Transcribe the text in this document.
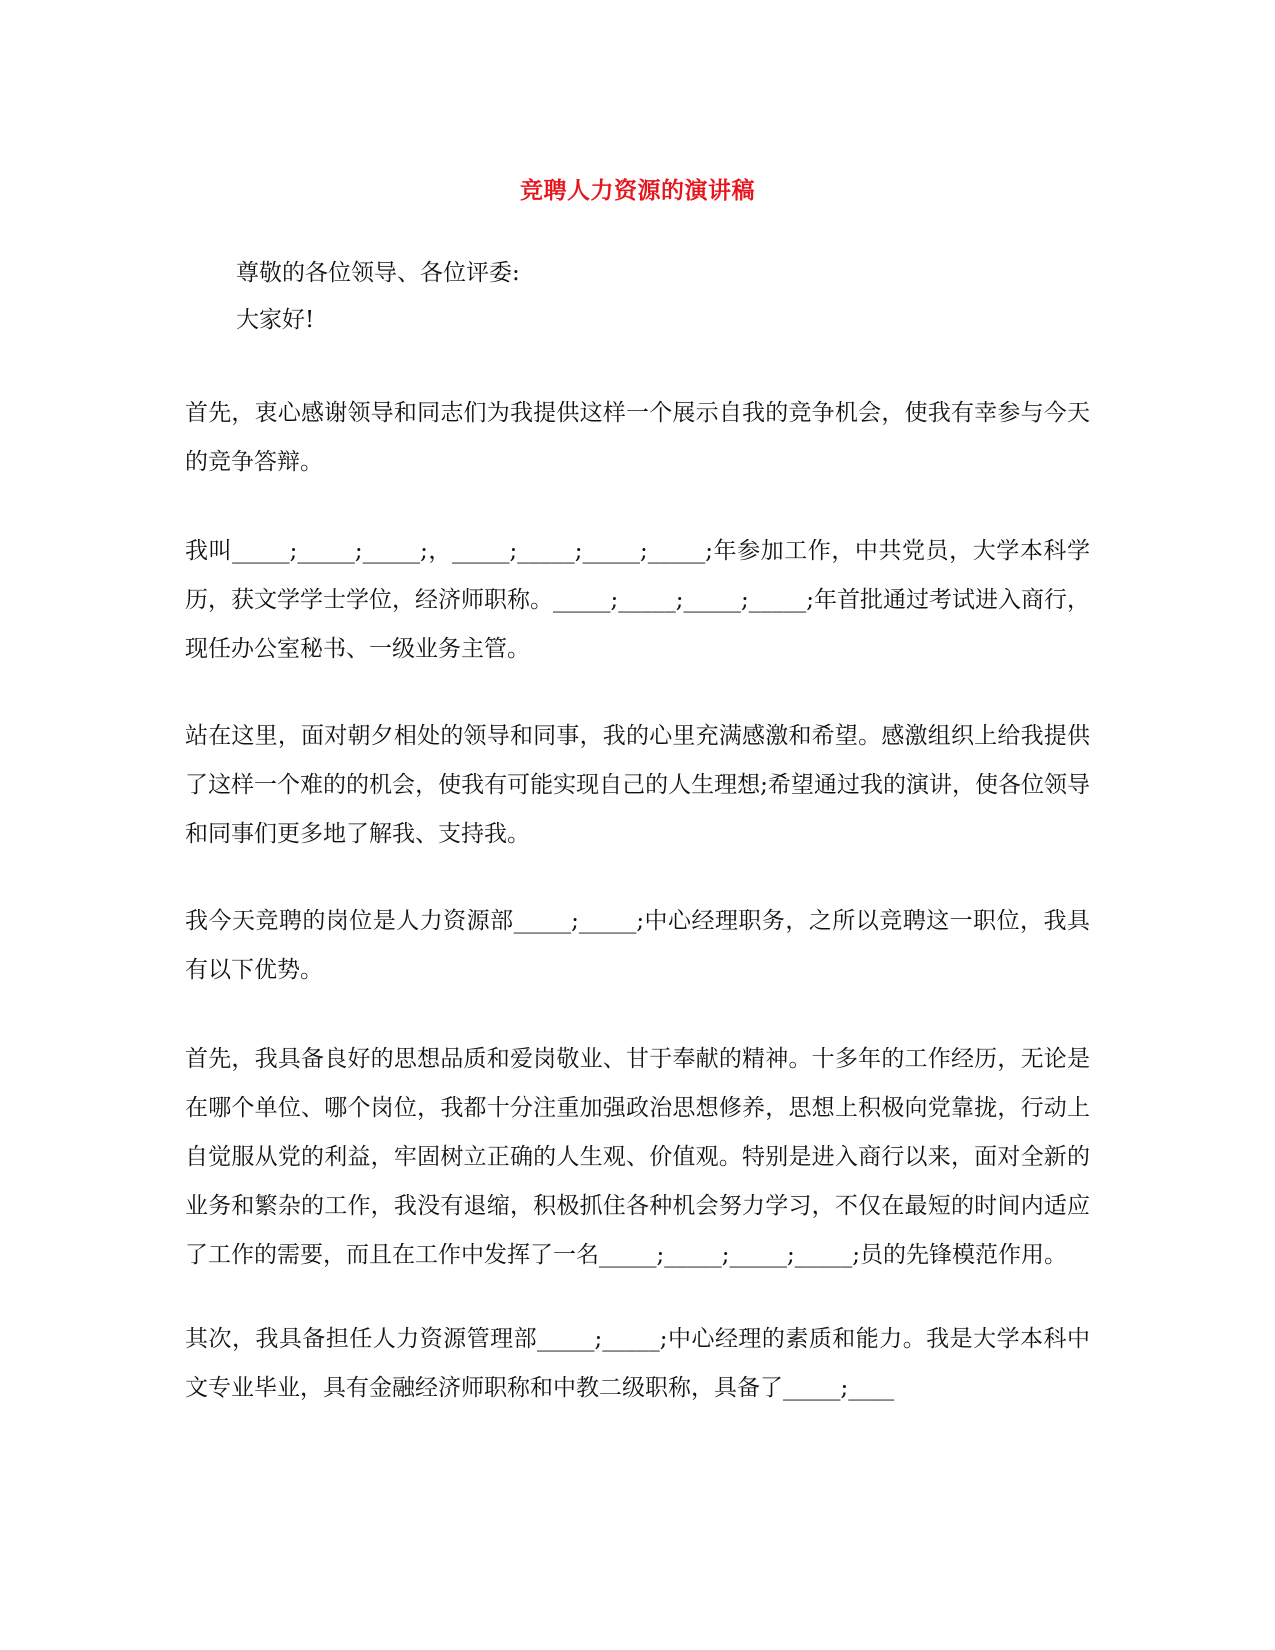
竞聘人力资源的演讲稿
尊敬的各位领导、各位评委:
大家好!

首先，衷心感谢领导和同志们为我提供这样一个展示自我的竞争机会，使我有幸参与今天的竞争答辩。

我叫_____;_____;_____;，_____;_____;_____;_____;年参加工作，中共党员，大学本科学历，获文学学士学位，经济师职称。_____;_____;_____;_____;年首批通过考试进入商行，现任办公室秘书、一级业务主管。

站在这里，面对朝夕相处的领导和同事，我的心里充满感激和希望。感激组织上给我提供了这样一个难的的机会，使我有可能实现自己的人生理想;希望通过我的演讲，使各位领导和同事们更多地了解我、支持我。

我今天竞聘的岗位是人力资源部_____;_____;中心经理职务，之所以竞聘这一职位，我具有以下优势。

首先，我具备良好的思想品质和爱岗敬业、甘于奉献的精神。十多年的工作经历，无论是在哪个单位、哪个岗位，我都十分注重加强政治思想修养，思想上积极向党靠拢，行动上自觉服从党的利益，牢固树立正确的人生观、价值观。特别是进入商行以来，面对全新的业务和繁杂的工作，我没有退缩，积极抓住各种机会努力学习，不仅在最短的时间内适应了工作的需要，而且在工作中发挥了一名_____;_____;_____;_____;员的先锋模范作用。

其次，我具备担任人力资源管理部_____;_____;中心经理的素质和能力。我是大学本科中文专业毕业，具有金融经济师职称和中教二级职称，具备了_____;____
